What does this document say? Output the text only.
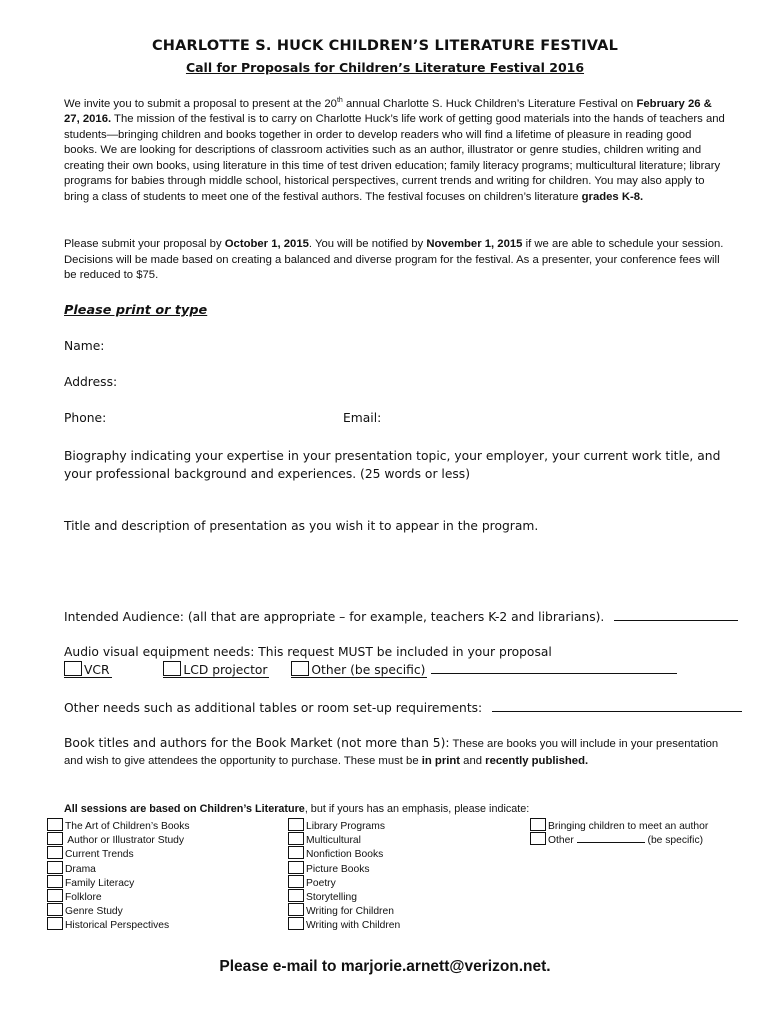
CHARLOTTE S. HUCK CHILDREN’S LITERATURE FESTIVAL
Call for Proposals for Children’s Literature Festival 2016

We invite you to submit a proposal to present at the 20th annual Charlotte S. Huck Children’s Literature Festival on February 26 & 27, 2016. The mission of the festival is to carry on Charlotte Huck’s life work of getting good materials into the hands of teachers and students—bringing children and books together in order to develop readers who will find a lifetime of pleasure in reading good books. We are looking for descriptions of classroom activities such as an author, illustrator or genre studies, children writing and creating their own books, using literature in this time of test driven education; family literacy programs; multicultural literature; library programs for babies through middle school, historical perspectives, current trends and writing for children. You may also apply to bring a class of students to meet one of the festival authors. The festival focuses on children’s literature grades K-8.

Please submit your proposal by October 1, 2015. You will be notified by November 1, 2015 if we are able to schedule your session. Decisions will be made based on creating a balanced and diverse program for the festival. As a presenter, your conference fees will be reduced to $75.

Please print or type
Name:
Address:
Phone:	Email:
Biography indicating your expertise in your presentation topic, your employer, your current work title, and your professional background and experiences. (25 words or less)
Title and description of presentation as you wish it to appear in the program.
Intended Audience: (all that are appropriate – for example, teachers K-2 and librarians).
Audio visual equipment needs: This request MUST be included in your proposal
VCR	LCD projector	Other (be specific)
Other needs such as additional tables or room set-up requirements:
Book titles and authors for the Book Market (not more than 5): These are books you will include in your presentation and wish to give attendees the opportunity to purchase. These must be in print and recently published.
All sessions are based on Children’s Literature, but if yours has an emphasis, please indicate:
The Art of Children’s Books
Author or Illustrator Study
Current Trends
Drama
Family Literacy
Folklore
Genre Study
Historical Perspectives
Library Programs
Multicultural
Nonfiction Books
Picture Books
Poetry
Storytelling
Writing for Children
Writing with Children
Bringing children to meet an author
Other	(be specific)
Please e-mail to marjorie.arnett@verizon.net.
